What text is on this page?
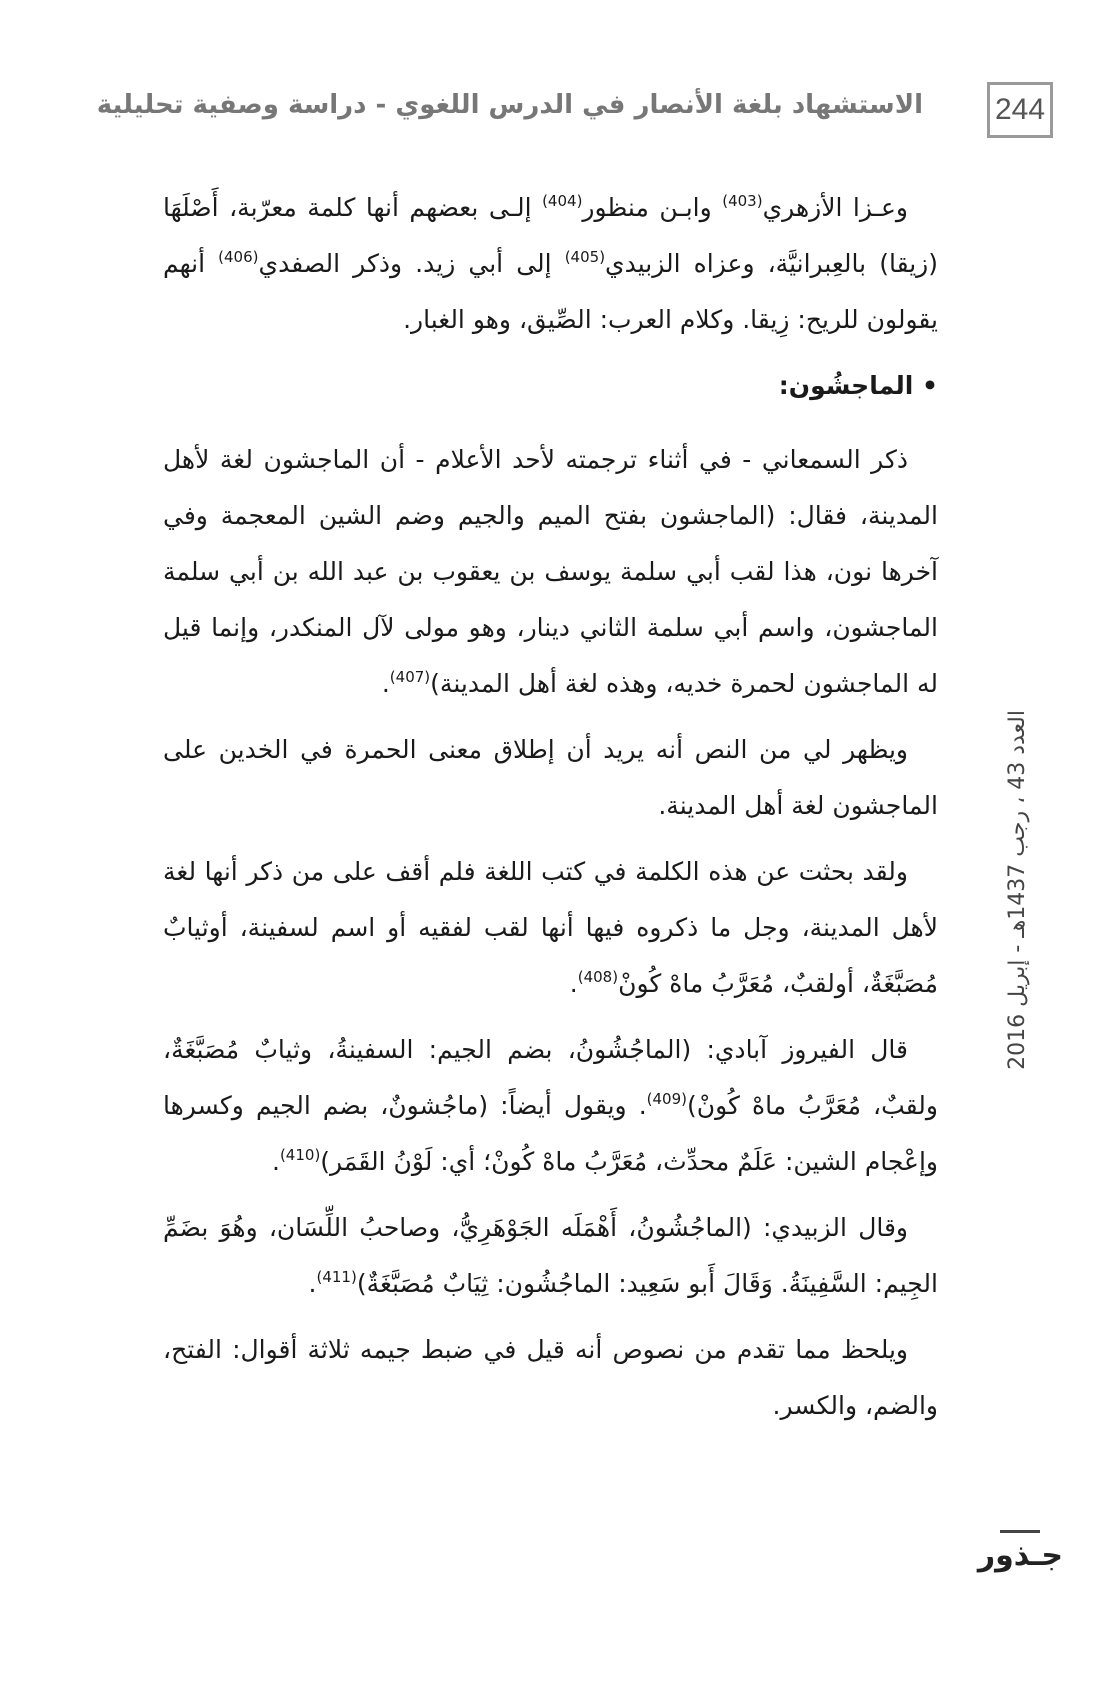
244
الاستشهاد بلغة الأنصار في الدرس اللغوي - دراسة وصفية تحليلية
العدد 43 ، رجب 1437هـ - إبريل 2016
جـذور

وعـزا الأزهري$^{(403)}$ وابـن منظور$^{(404)}$ إلـى بعضهم أنها كلمة معرّبة، أَصْلَهَا (زيقا) بالعِبرانيَّة، وعزاه الزبيدي$^{(405)}$ إلى أبي زيد. وذكر الصفدي$^{(406)}$ أنهم يقولون للريح: زِيقا. وكلام العرب: الصِّيق، وهو الغبار.

• الماجشُون:

ذكر السمعاني - في أثناء ترجمته لأحد الأعلام - أن الماجشون لغة لأهل المدينة، فقال: (الماجشون بفتح الميم والجيم وضم الشين المعجمة وفي آخرها نون، هذا لقب أبي سلمة يوسف بن يعقوب بن عبد الله بن أبي سلمة الماجشون، واسم أبي سلمة الثاني دينار، وهو مولى لآل المنكدر، وإنما قيل له الماجشون لحمرة خديه، وهذه لغة أهل المدينة)$^{(407)}$.

ويظهر لي من النص أنه يريد أن إطلاق معنى الحمرة في الخدين على الماجشون لغة أهل المدينة.

ولقد بحثت عن هذه الكلمة في كتب اللغة فلم أقف على من ذكر أنها لغة لأهل المدينة، وجل ما ذكروه فيها أنها لقب لفقيه أو اسم لسفينة، أوثيابٌ مُصَبَّغَةٌ، أولقبٌ، مُعَرَّبُ ماهْ كُونْ$^{(408)}$.

قال الفيروز آبادي: (الماجُشُونُ، بضم الجيم: السفينةُ، وثيابٌ مُصَبَّغَةٌ، ولقبٌ، مُعَرَّبُ ماهْ كُونْ)$^{(409)}$. ويقول أيضاً: (ماجُشونٌ، بضم الجيم وكسرها وإعْجام الشين: عَلَمٌ محدِّث، مُعَرَّبُ ماهْ كُونْ؛ أي: لَوْنُ القَمَر)$^{(410)}$.

وقال الزبيدي: (الماجُشُونُ، أَهْمَلَه الجَوْهَرِيُّ، وصاحبُ اللِّسَان، وهُوَ بضَمِّ الجِيم: السَّفِينَةُ. وَقَالَ أَبو سَعِيد: الماجُشُون: ثِيَابٌ مُصَبَّغَةٌ)$^{(411)}$.

ويلحظ مما تقدم من نصوص أنه قيل في ضبط جيمه ثلاثة أقوال: الفتح، والضم، والكسر.
